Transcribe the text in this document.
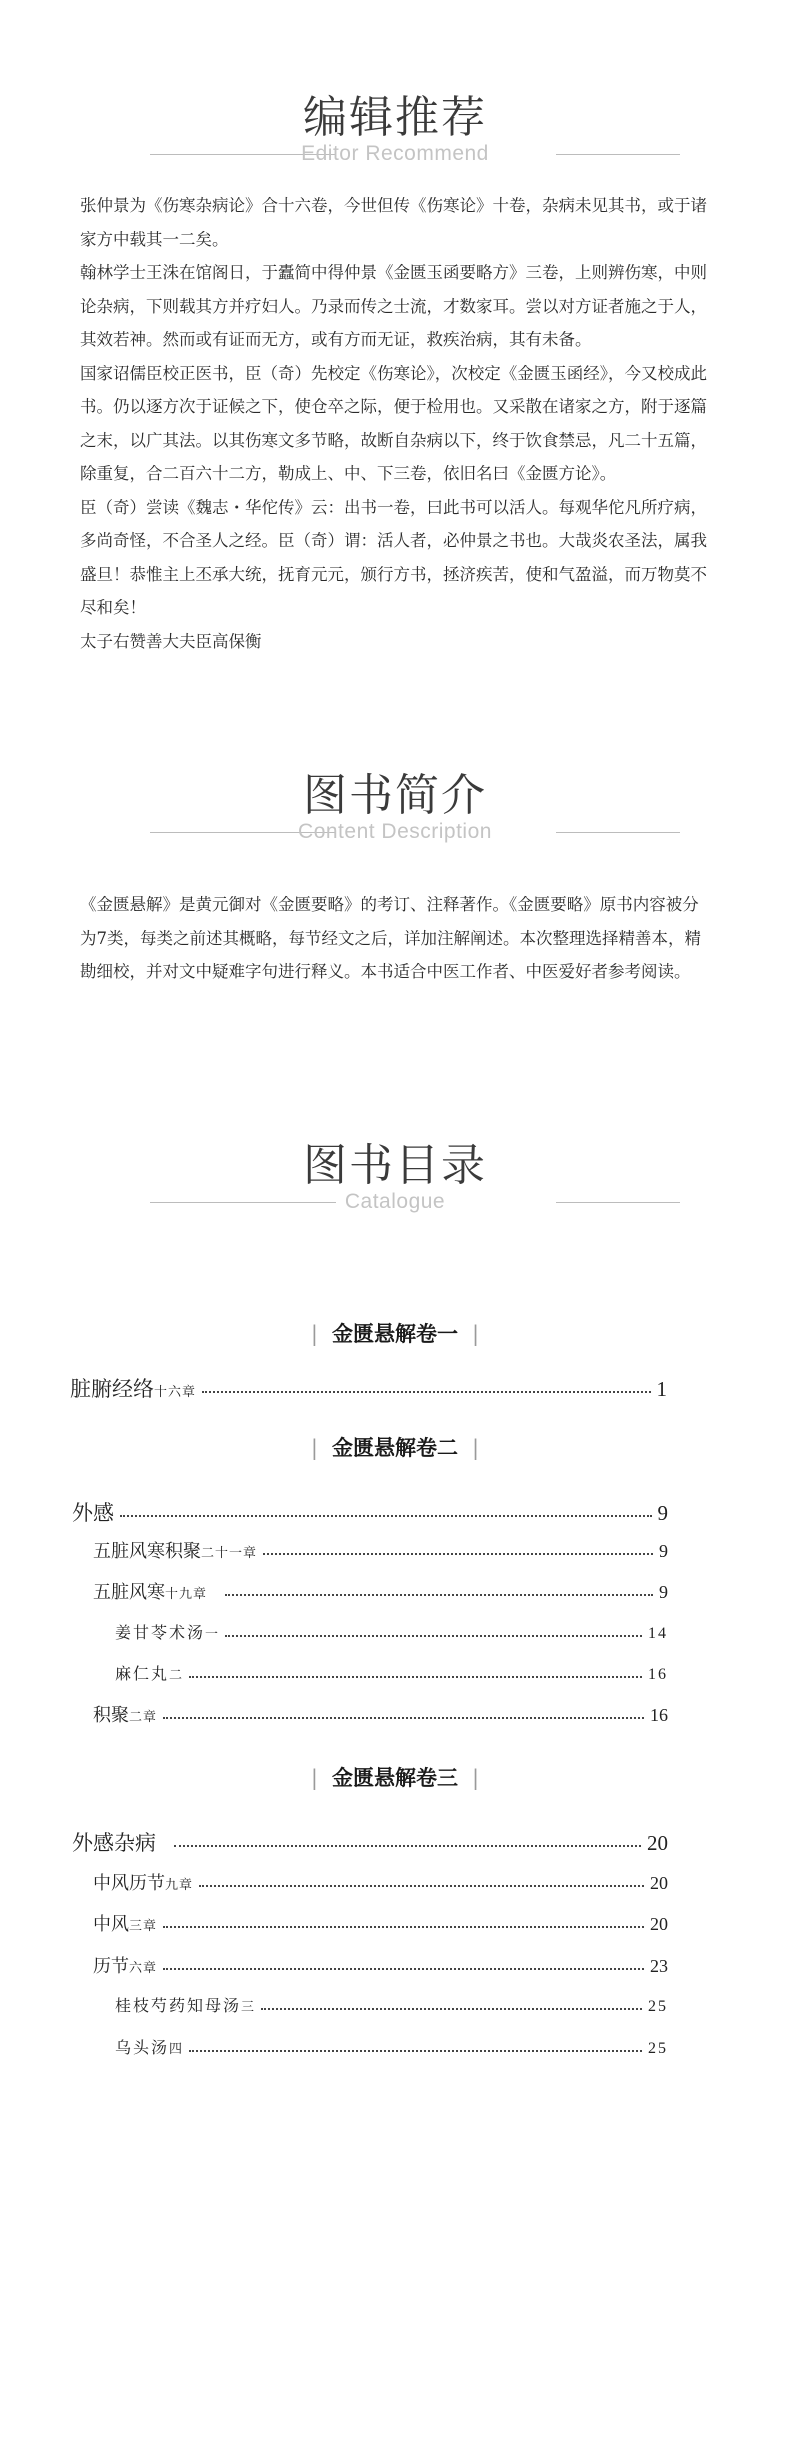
编辑推荐
Editor Recommend

张仲景为《伤寒杂病论》合十六卷，今世但传《伤寒论》十卷，杂病未见其书，或于诸家方中载其一二矣。

翰林学士王洙在馆阁日，于蠹简中得仲景《金匮玉函要略方》三卷，上则辨伤寒，中则论杂病，下则载其方并疗妇人。乃录而传之士流，才数家耳。尝以对方证者施之于人，其效若神。然而或有证而无方，或有方而无证，救疾治病，其有未备。

国家诏儒臣校正医书，臣（奇）先校定《伤寒论》，次校定《金匮玉函经》，今又校成此书。仍以逐方次于证候之下，使仓卒之际，便于检用也。又采散在诸家之方，附于逐篇之末，以广其法。以其伤寒文多节略，故断自杂病以下，终于饮食禁忌，凡二十五篇，除重复，合二百六十二方，勒成上、中、下三卷，依旧名曰《金匮方论》。

臣（奇）尝读《魏志・华佗传》云：出书一卷，曰此书可以活人。每观华佗凡所疗病，多尚奇怪，不合圣人之经。臣（奇）谓：活人者，必仲景之书也。大哉炎农圣法，属我盛旦！恭惟主上丕承大统，抚育元元，颁行方书，拯济疾苦，使和气盈溢，而万物莫不尽和矣！

太子右赞善大夫臣高保衡

图书简介
Content Description

《金匮悬解》是黄元御对《金匮要略》的考订、注释著作。《金匮要略》原书内容被分为7类，每类之前述其概略，每节经文之后，详加注解阐述。本次整理选择精善本，精勘细校，并对文中疑难字句进行释义。本书适合中医工作者、中医爱好者参考阅读。

图书目录
Catalogue
| 金匮悬解卷一 |
脏腑经络 十六章	1
| 金匮悬解卷二 |
外感	9
五脏风寒积聚 二十一章	9
五脏风寒 十九章	9
姜甘苓术汤 一	14
麻仁丸 二	16
积聚 二章	16
| 金匮悬解卷三 |
外感杂病	20
中风历节 九章	20
中风 三章	20
历节 六章	23
桂枝芍药知母汤 三	25
乌头汤 四	25
